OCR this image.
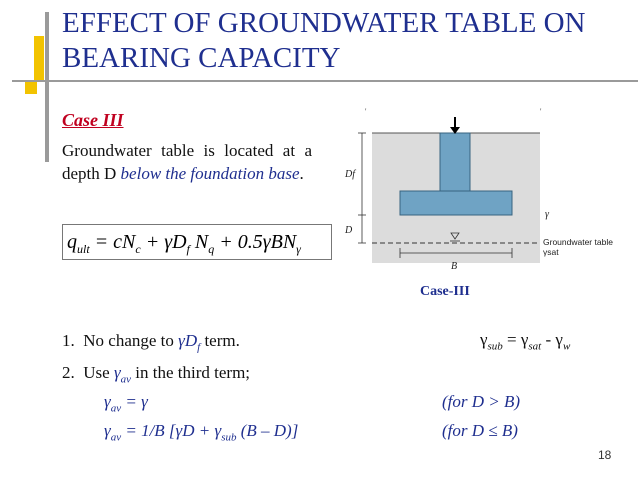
EFFECT OF GROUNDWATER TABLE ON BEARING CAPACITY
Case III
Groundwater table is located at a depth D below the foundation base.
$q_{ult} = cN_c + \gamma D_f$ $N_q + 0.5\gamma BN_\gamma$
'	'
Df
D
B
γ
Groundwater table
γsat
Case-III
1. No change to $\gamma D_f$ term.
2. Use $\gamma_{av}$ in the third term;
$\gamma_{sub} = \gamma_{sat} - \gamma_w$
$\gamma_{av} = \gamma$	(for D > B)
$\gamma_{av} = 1/B$ [$\gamma D + \gamma_{sub}$ (B – D)]	(for D ≤ B)
18
